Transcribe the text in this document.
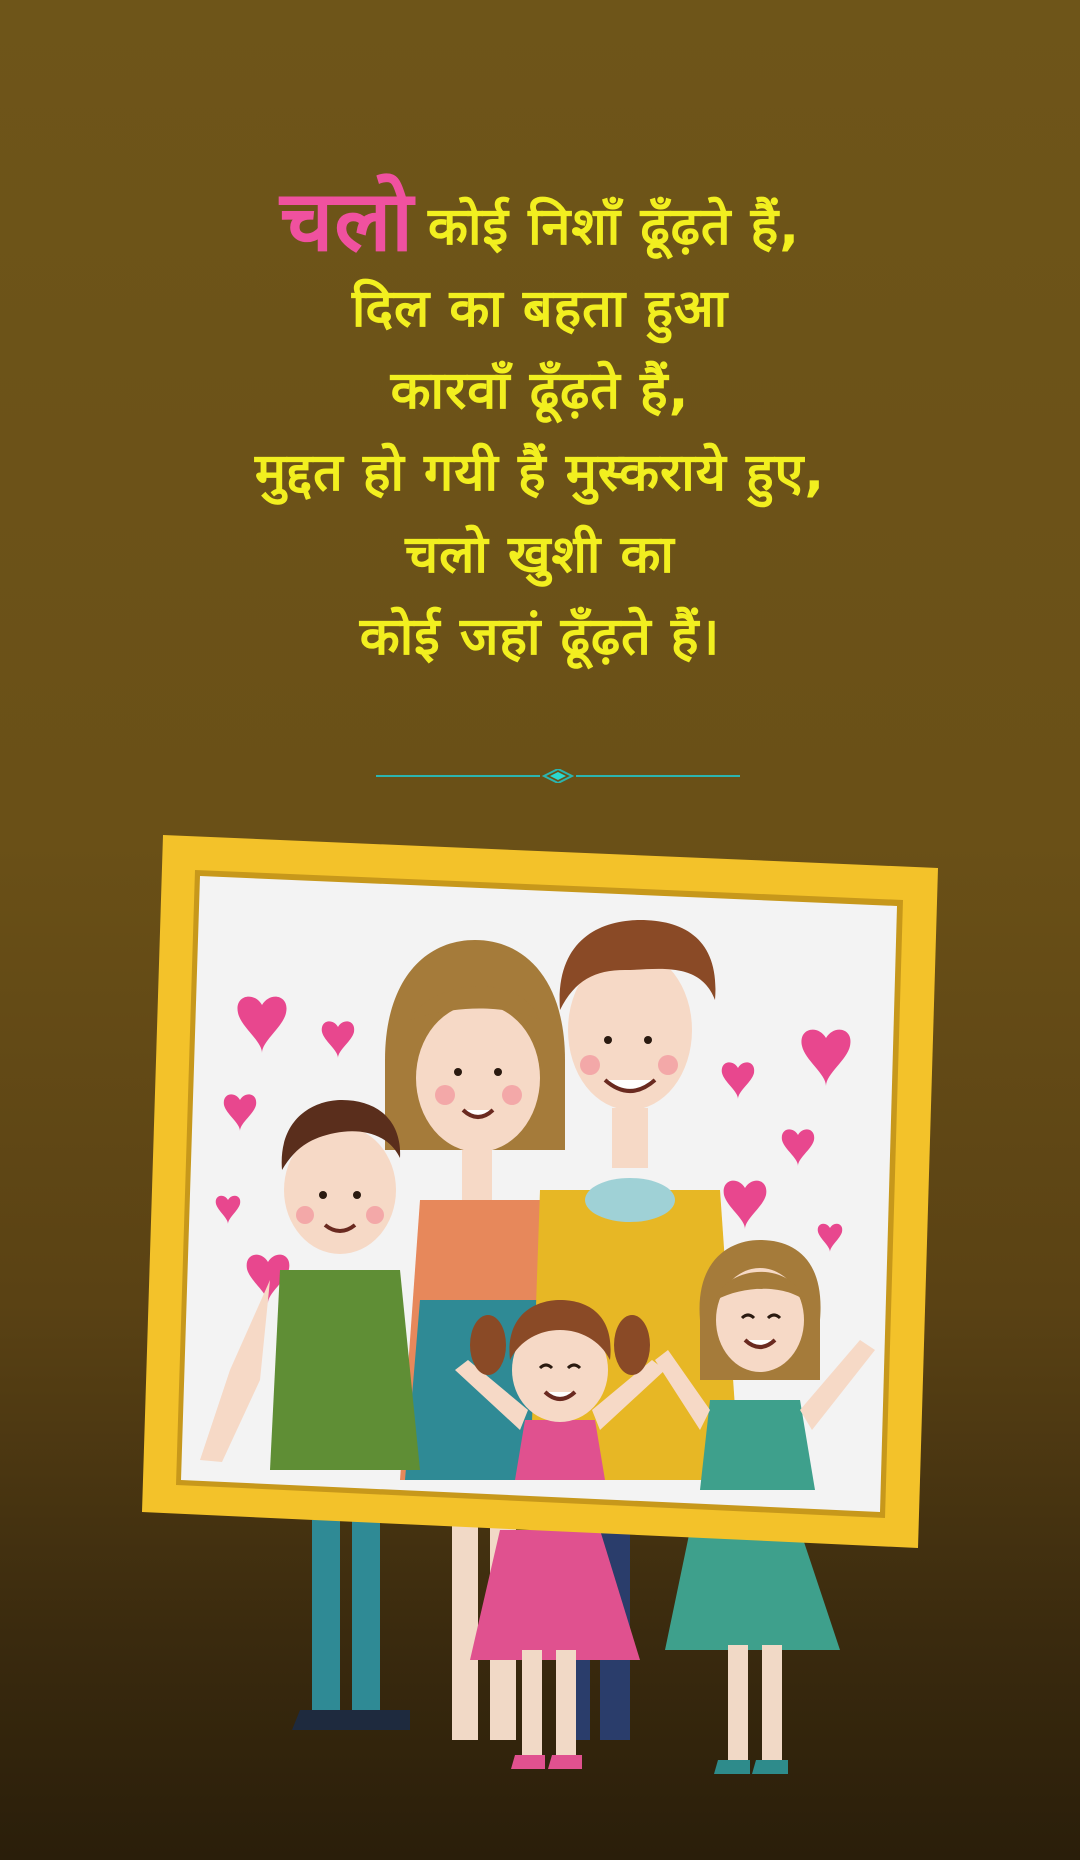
चलो कोई निशाँ ढूँढ़ते हैं,
दिल का बहता हुआ
कारवाँ ढूँढ़ते हैं,
मुद्दत हो गयी हैं मुस्कराये हुए,
चलो खुशी का
कोई जहां ढूँढ़ते हैं।
